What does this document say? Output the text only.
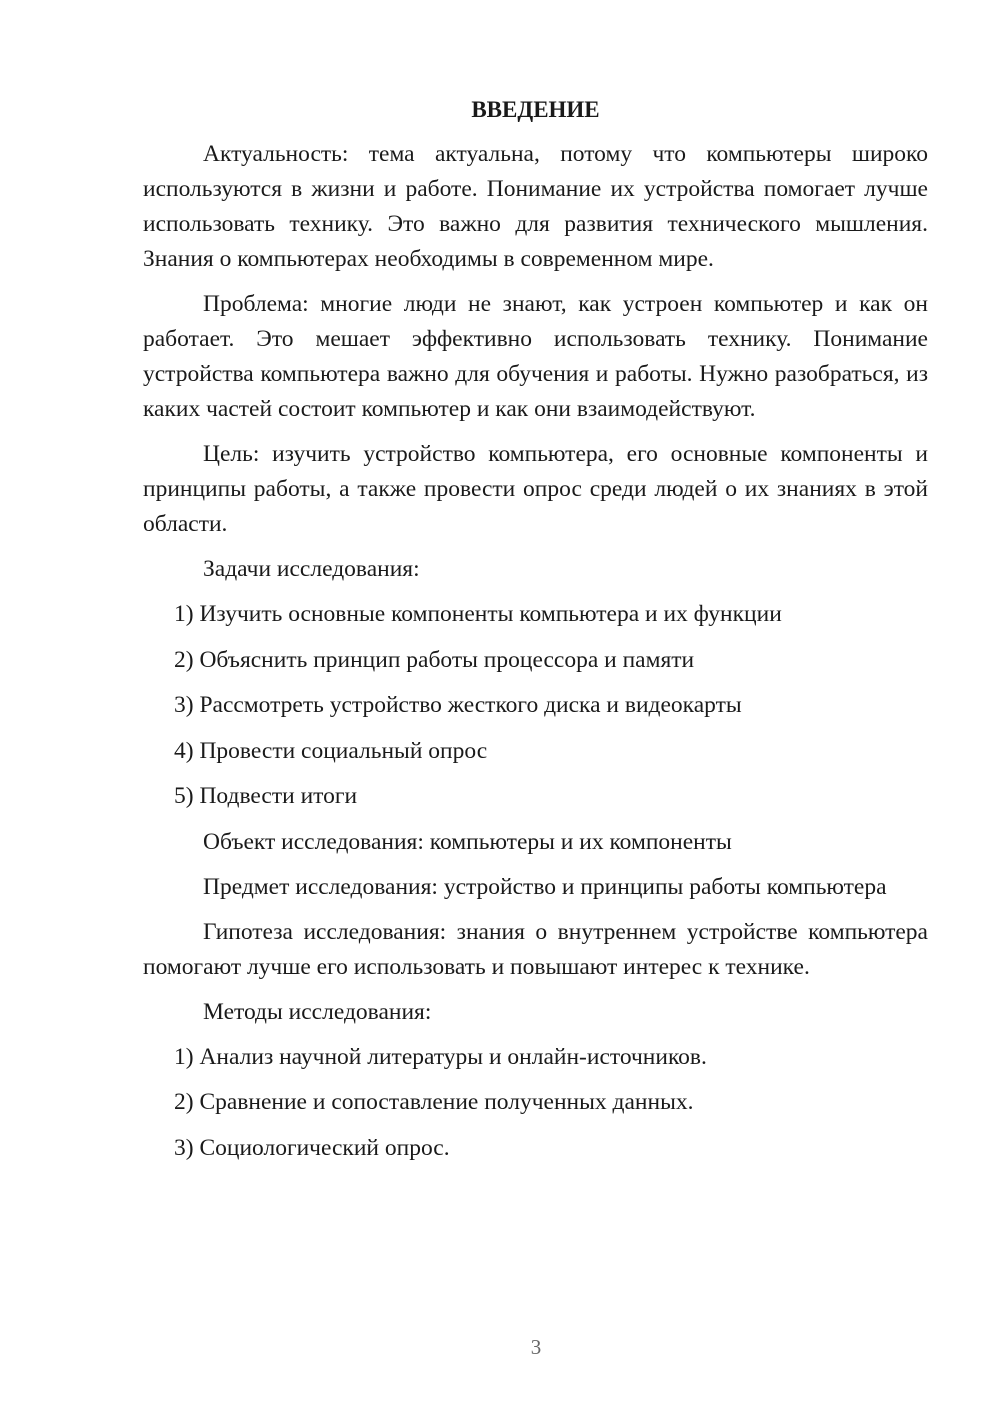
ВВЕДЕНИЕ

Актуальность: тема актуальна, потому что компьютеры широко используются в жизни и работе. Понимание их устройства помогает лучше использовать технику. Это важно для развития технического мышления. Знания о компьютерах необходимы в современном мире.

Проблема: многие люди не знают, как устроен компьютер и как он работает. Это мешает эффективно использовать технику. Понимание устройства компьютера важно для обучения и работы. Нужно разобраться, из каких частей состоит компьютер и как они взаимодействуют.

Цель: изучить устройство компьютера, его основные компоненты и принципы работы, а также провести опрос среди людей о их знаниях в этой области.

Задачи исследования:

1) Изучить основные компоненты компьютера и их функции
2) Объяснить принцип работы процессора и памяти
3) Рассмотреть устройство жесткого диска и видеокарты
4) Провести социальный опрос
5) Подвести итоги

Объект исследования: компьютеры и их компоненты

Предмет исследования: устройство и принципы работы компьютера

Гипотеза исследования: знания о внутреннем устройстве компьютера помогают лучше его использовать и повышают интерес к технике.

Методы исследования:

1) Анализ научной литературы и онлайн-источников.
2) Сравнение и сопоставление полученных данных.
3) Социологический опрос.
3
